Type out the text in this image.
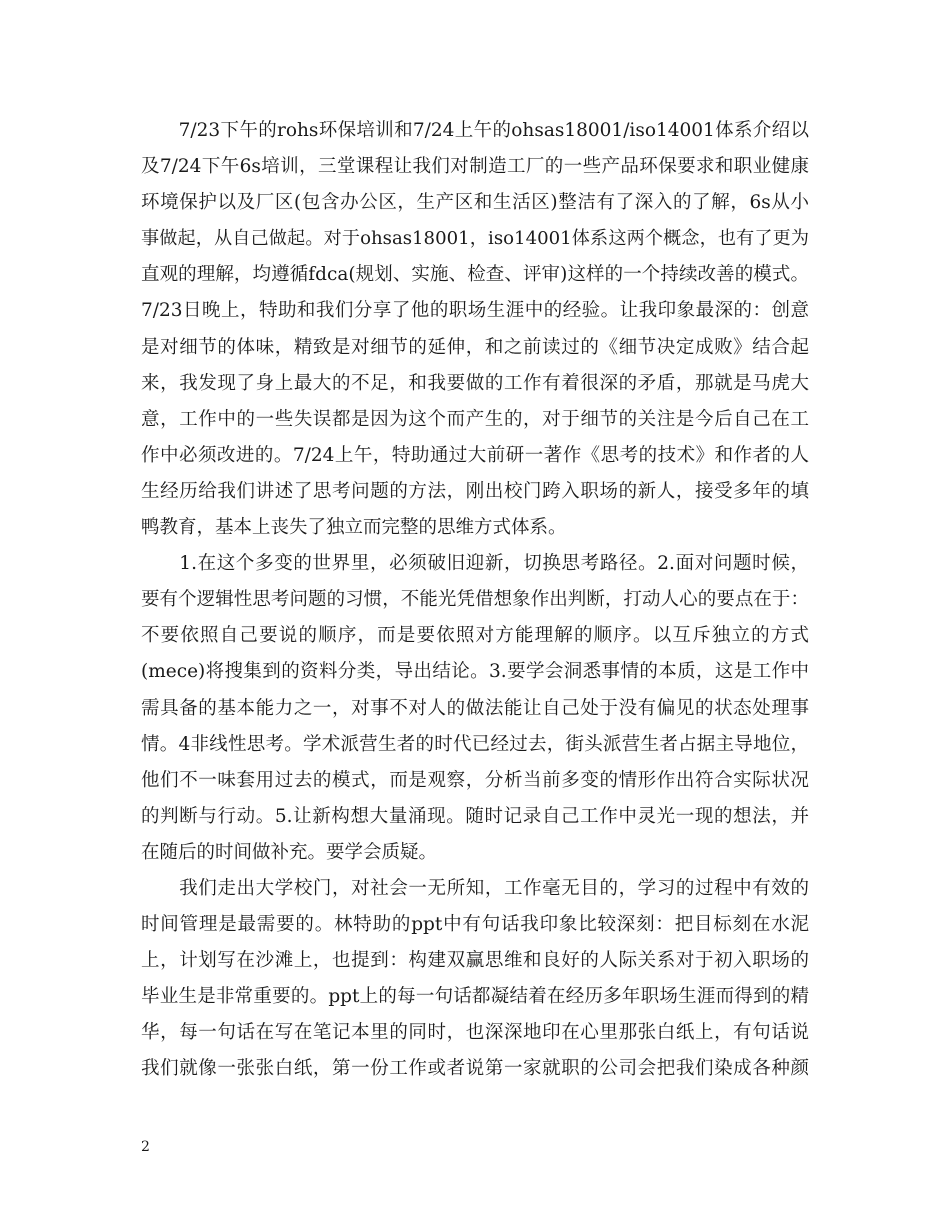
　　7/23下午的rohs环保培训和7/24上午的ohsas18001/iso14001体系介绍以
及7/24下午6s培训，三堂课程让我们对制造工厂的一些产品环保要求和职业健康
环境保护以及厂区(包含办公区，生产区和生活区)整洁有了深入的了解，6s从小
事做起，从自己做起。对于ohsas18001，iso14001体系这两个概念，也有了更为
直观的理解，均遵循fdca(规划、实施、检查、评审)这样的一个持续改善的模式。
7/23日晚上，特助和我们分享了他的职场生涯中的经验。让我印象最深的：创意
是对细节的体味，精致是对细节的延伸，和之前读过的《细节决定成败》结合起
来，我发现了身上最大的不足，和我要做的工作有着很深的矛盾，那就是马虎大
意，工作中的一些失误都是因为这个而产生的，对于细节的关注是今后自己在工
作中必须改进的。7/24上午，特助通过大前研一著作《思考的技术》和作者的人
生经历给我们讲述了思考问题的方法，刚出校门跨入职场的新人，接受多年的填
鸭教育，基本上丧失了独立而完整的思维方式体系。
　　1.在这个多变的世界里，必须破旧迎新，切换思考路径。2.面对问题时候，
要有个逻辑性思考问题的习惯，不能光凭借想象作出判断，打动人心的要点在于：
不要依照自己要说的顺序，而是要依照对方能理解的顺序。以互斥独立的方式
(mece)将搜集到的资料分类，导出结论。3.要学会洞悉事情的本质，这是工作中
需具备的基本能力之一，对事不对人的做法能让自己处于没有偏见的状态处理事
情。4非线性思考。学术派营生者的时代已经过去，街头派营生者占据主导地位，
他们不一味套用过去的模式，而是观察，分析当前多变的情形作出符合实际状况
的判断与行动。5.让新构想大量涌现。随时记录自己工作中灵光一现的想法，并
在随后的时间做补充。要学会质疑。
　　我们走出大学校门，对社会一无所知，工作毫无目的，学习的过程中有效的
时间管理是最需要的。林特助的ppt中有句话我印象比较深刻：把目标刻在水泥
上，计划写在沙滩上，也提到：构建双赢思维和良好的人际关系对于初入职场的
毕业生是非常重要的。ppt上的每一句话都凝结着在经历多年职场生涯而得到的精
华，每一句话在写在笔记本里的同时，也深深地印在心里那张白纸上，有句话说
我们就像一张张白纸，第一份工作或者说第一家就职的公司会把我们染成各种颜
2
